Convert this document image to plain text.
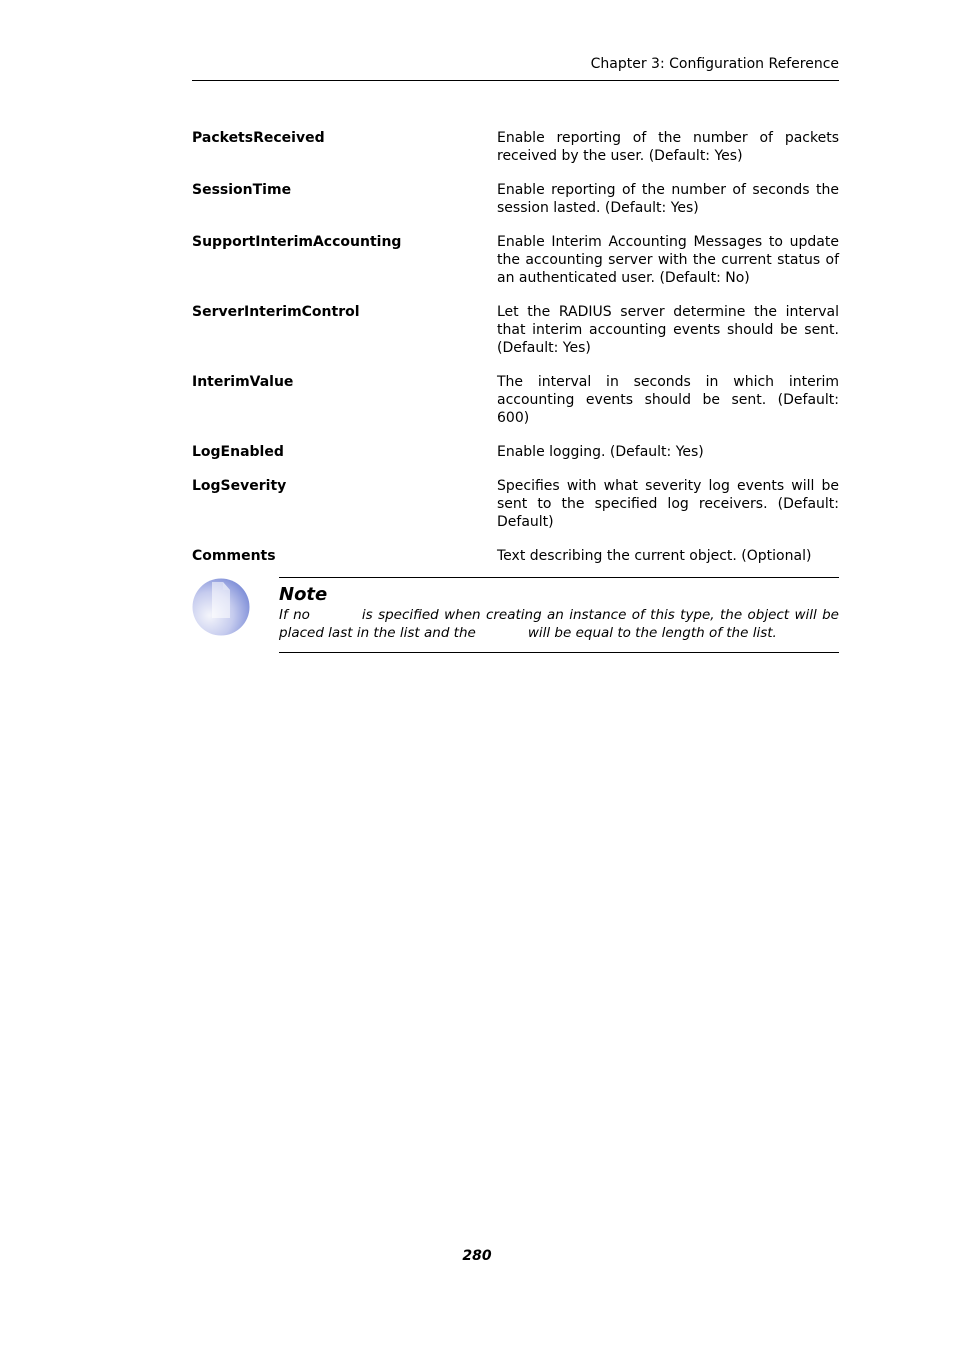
Chapter 3: Configuration Reference
PacketsReceived	Enable reporting of the number of packets received by the user. (Default: Yes)
SessionTime	Enable reporting of the number of seconds the session lasted. (Default: Yes)
SupportInterimAccounting	Enable Interim Accounting Messages to update the accounting server with the current status of an authenticated user. (Default: No)
ServerInterimControl	Let the RADIUS server determine the interval that interim accounting events should be sent. (Default: Yes)
InterimValue	The interval in seconds in which interim accounting events should be sent. (Default: 600)
LogEnabled	Enable logging. (Default: Yes)
LogSeverity	Specifies with what severity log events will be sent to the specified log receivers. (Default: Default)
Comments	Text describing the current object. (Optional)
Note
If no	is specified when creating an instance of this type, the object will be placed last in the list and the	will be equal to the length of the list.
280
